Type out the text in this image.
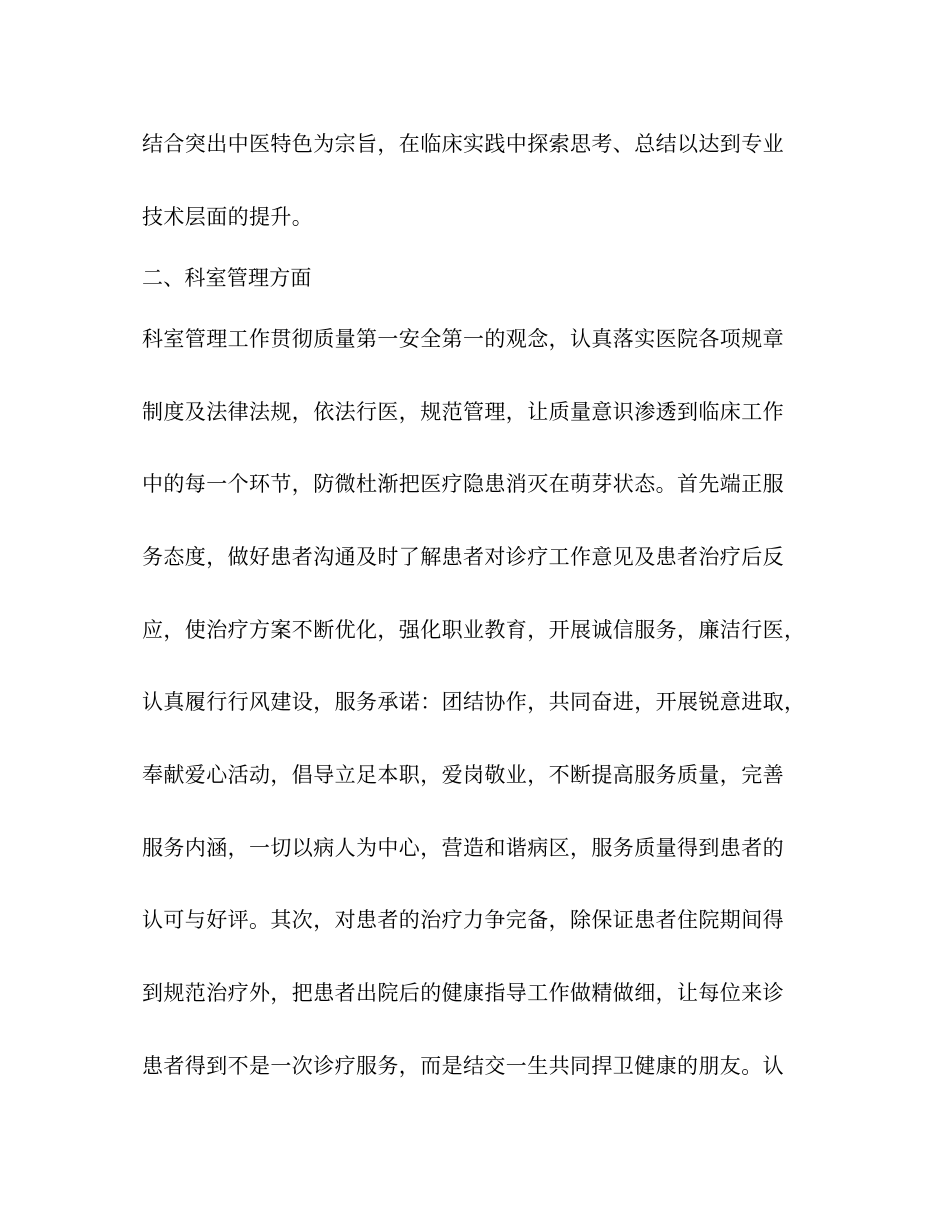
结合突出中医特色为宗旨，在临床实践中探索思考、总结以达到专业
技术层面的提升。
二、科室管理方面
科室管理工作贯彻质量第一安全第一的观念，认真落实医院各项规章
制度及法律法规，依法行医，规范管理，让质量意识渗透到临床工作
中的每一个环节，防微杜渐把医疗隐患消灭在萌芽状态。首先端正服
务态度，做好患者沟通及时了解患者对诊疗工作意见及患者治疗后反
应，使治疗方案不断优化，强化职业教育，开展诚信服务，廉洁行医，
认真履行行风建设，服务承诺：团结协作，共同奋进，开展锐意进取，
奉献爱心活动，倡导立足本职，爱岗敬业，不断提高服务质量，完善
服务内涵，一切以病人为中心，营造和谐病区，服务质量得到患者的
认可与好评。其次，对患者的治疗力争完备，除保证患者住院期间得
到规范治疗外，把患者出院后的健康指导工作做精做细，让每位来诊
患者得到不是一次诊疗服务，而是结交一生共同捍卫健康的朋友。认
